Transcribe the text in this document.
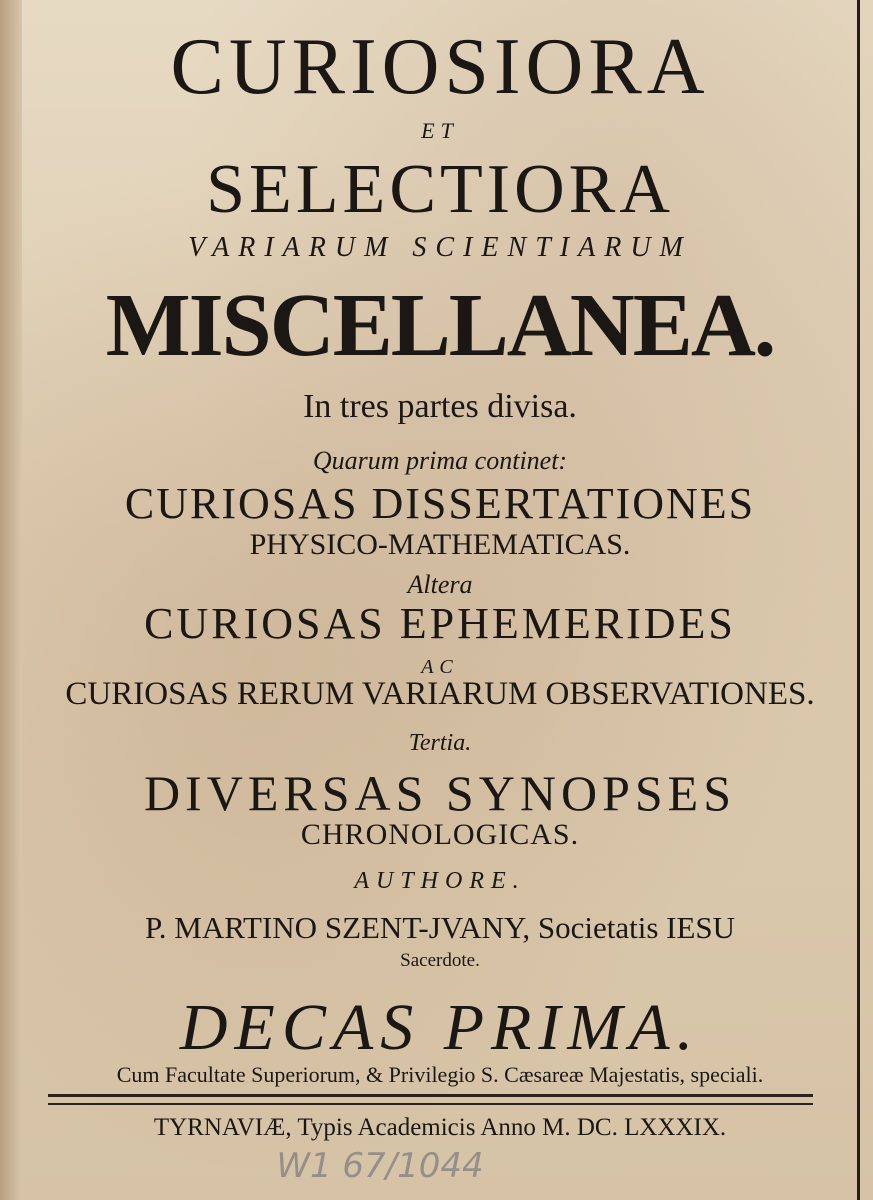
CURIOSIORA
ET
SELECTIORA
VARIARUM SCIENTIARUM
MISCELLANEA.
In tres partes divisa.
Quarum prima continet:
CURIOSAS DISSERTATIONES
PHYSICO-MATHEMATICAS.
Altera
CURIOSAS EPHEMERIDES
AC
CURIOSAS RERUM VARIARUM OBSERVATIONES.
Tertia.
DIVERSAS SYNOPSES
CHRONOLOGICAS.
AUTHORE.
P. MARTINO SZENT-JVANY, Societatis IESU
Sacerdote.
DECAS PRIMA.
Cum Facultate Superiorum, & Privilegio S. Cæsareæ Majestatis, speciali.
TYRNAVIÆ, Typis Academicis Anno M. DC. LXXXIX.
W1 67/1044
